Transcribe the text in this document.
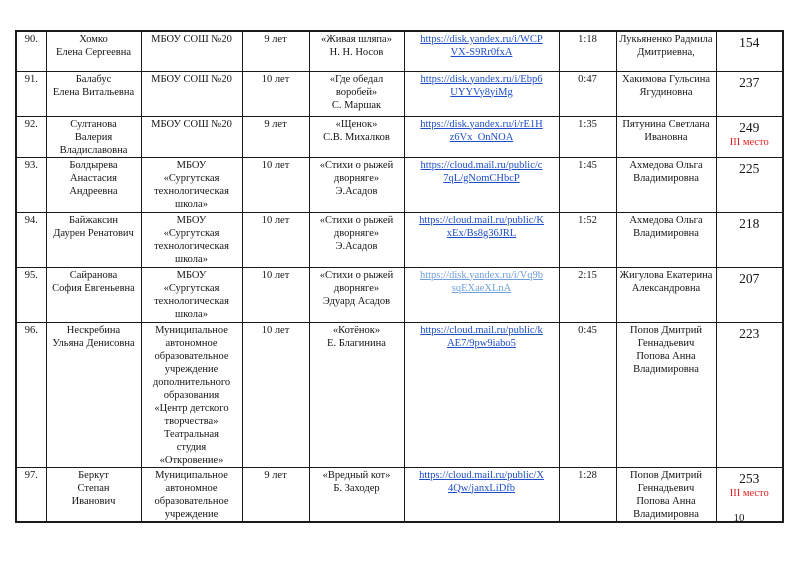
90.	Хомко
Елена Сергеевна	МБОУ СОШ №20	9 лет	«Живая шляпа»
Н. Н. Носов	https://disk.yandex.ru/i/WCP
VX-S9Rr0fxA	1:18	Лукьяненко Радмила
Дмитриевна,	154

91.	Балабус
Елена Витальевна	МБОУ СОШ №20	10 лет	«Где обедал
воробей»
С. Маршак	https://disk.yandex.ru/i/Ebp6
UYYVy8yiMg	0:47	Хакимова Гульсина
Ягудиновна	237

92.	Султанова
Валерия
Владиславовна	МБОУ СОШ №20	9 лет	«Щенок»
С.В. Михалков	https://disk.yandex.ru/i/rE1H
z6Vx_OnNOA	1:35	Пятунина Светлана
Ивановна	
249
III место

93.	Болдырева
Анастасия
Андреевна	МБОУ
«Сургутская
технологическая
школа»	10 лет	«Стихи о рыжей
дворняге»
Э.Асадов	https://cloud.mail.ru/public/c
7qL/gNomCHbcP	1:45	Ахмедова Ольга
Владимировна	225

94.	Байжаксин
Даурен Ренатович	МБОУ
«Сургутская
технологическая
школа»	10 лет	«Стихи о рыжей
дворняге»
Э.Асадов	https://cloud.mail.ru/public/K
xEx/Bs8g36JRL	1:52	Ахмедова Ольга
Владимировна	218

95.	Сайранова
София Евгеньевна	МБОУ
«Сургутская
технологическая
школа»	10 лет	«Стихи о рыжей
дворняге»
Эдуард Асадов	https://disk.yandex.ru/i/Vq9b
sqEXaeXLnA	2:15	Жигулова Екатерина
Александровна	207

96.	Нескребина
Ульяна Денисовна	Муниципальное
автономное
образовательное
учреждение
дополнительного
образования
«Центр детского
творчества»
Театральная
студия
«Откровение»	10 лет	«Котёнок»
Е. Благинина	https://cloud.mail.ru/public/k
AE7/9pw9iabo5	0:45	Попов Дмитрий
Геннадьевич
Попова Анна
Владимировна	
223

97.	Беркут
Степан
Иванович	Муниципальное
автономное
образовательное
учреждение	9 лет	«Вредный кот»
Б. Заходер	https://cloud.mail.ru/public/X
4Qw/janxLiDfb	1:28	Попов Дмитрий
Геннадьевич
Попова Анна
Владимировна	
253
III место
10
